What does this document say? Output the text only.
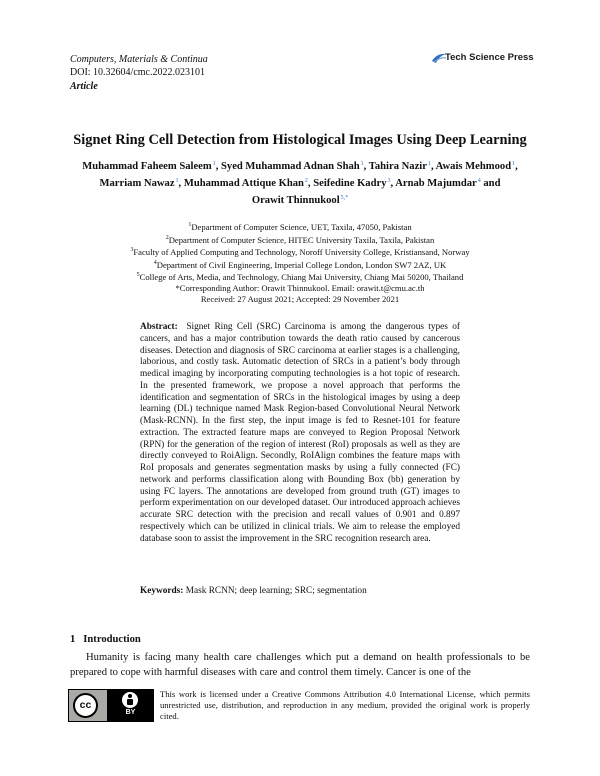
Computers, Materials & Continua
DOI: 10.32604/cmc.2022.023101
Article
Tech Science Press
Signet Ring Cell Detection from Histological Images Using Deep Learning
Muhammad Faheem Saleem$^1$, Syed Muhammad Adnan Shah$^1$, Tahira Nazir$^1$, Awais Mehmood$^1$, Marriam Nawaz$^1$, Muhammad Attique Khan$^2$, Seifedine Kadry$^3$, Arnab Majumdar$^4$ and Orawit Thinnukool$^{5,*}$
$^1$Department of Computer Science, UET, Taxila, 47050, Pakistan
$^2$Department of Computer Science, HITEC University Taxila, Taxila, Pakistan
$^3$Faculty of Applied Computing and Technology, Noroff University College, Kristiansand, Norway
$^4$Department of Civil Engineering, Imperial College London, London SW7 2AZ, UK
$^5$College of Arts, Media, and Technology, Chiang Mai University, Chiang Mai 50200, Thailand
*Corresponding Author: Orawit Thinnukool. Email: orawit.t@cmu.ac.th
Received: 27 August 2021; Accepted: 29 November 2021
Abstract: Signet Ring Cell (SRC) Carcinoma is among the dangerous types of cancers, and has a major contribution towards the death ratio caused by cancerous diseases. Detection and diagnosis of SRC carcinoma at earlier stages is a challenging, laborious, and costly task. Automatic detection of SRCs in a patient’s body through medical imaging by incorporating computing technologies is a hot topic of research. In the presented framework, we propose a novel approach that performs the identification and segmentation of SRCs in the histological images by using a deep learning (DL) technique named Mask Region-based Convolutional Neural Network (Mask-RCNN). In the first step, the input image is fed to Resnet-101 for feature extraction. The extracted feature maps are conveyed to Region Proposal Network (RPN) for the generation of the region of interest (RoI) proposals as well as they are directly conveyed to RoiAlign. Secondly, RoIAlign combines the feature maps with RoI proposals and generates segmentation masks by using a fully connected (FC) network and performs classification along with Bounding Box (bb) generation by using FC layers. The annotations are developed from ground truth (GT) images to perform experimentation on our developed dataset. Our introduced approach achieves accurate SRC detection with the precision and recall values of 0.901 and 0.897 respectively which can be utilized in clinical trials. We aim to release the employed database soon to assist the improvement in the SRC recognition research area.
Keywords: Mask RCNN; deep learning; SRC; segmentation
1 Introduction
Humanity is facing many health care challenges which put a demand on health professionals to be prepared to cope with harmful diseases with care and control them timely. Cancer is one of the
cc
BY
This work is licensed under a Creative Commons Attribution 4.0 International License, which permits unrestricted use, distribution, and reproduction in any medium, provided the original work is properly cited.
